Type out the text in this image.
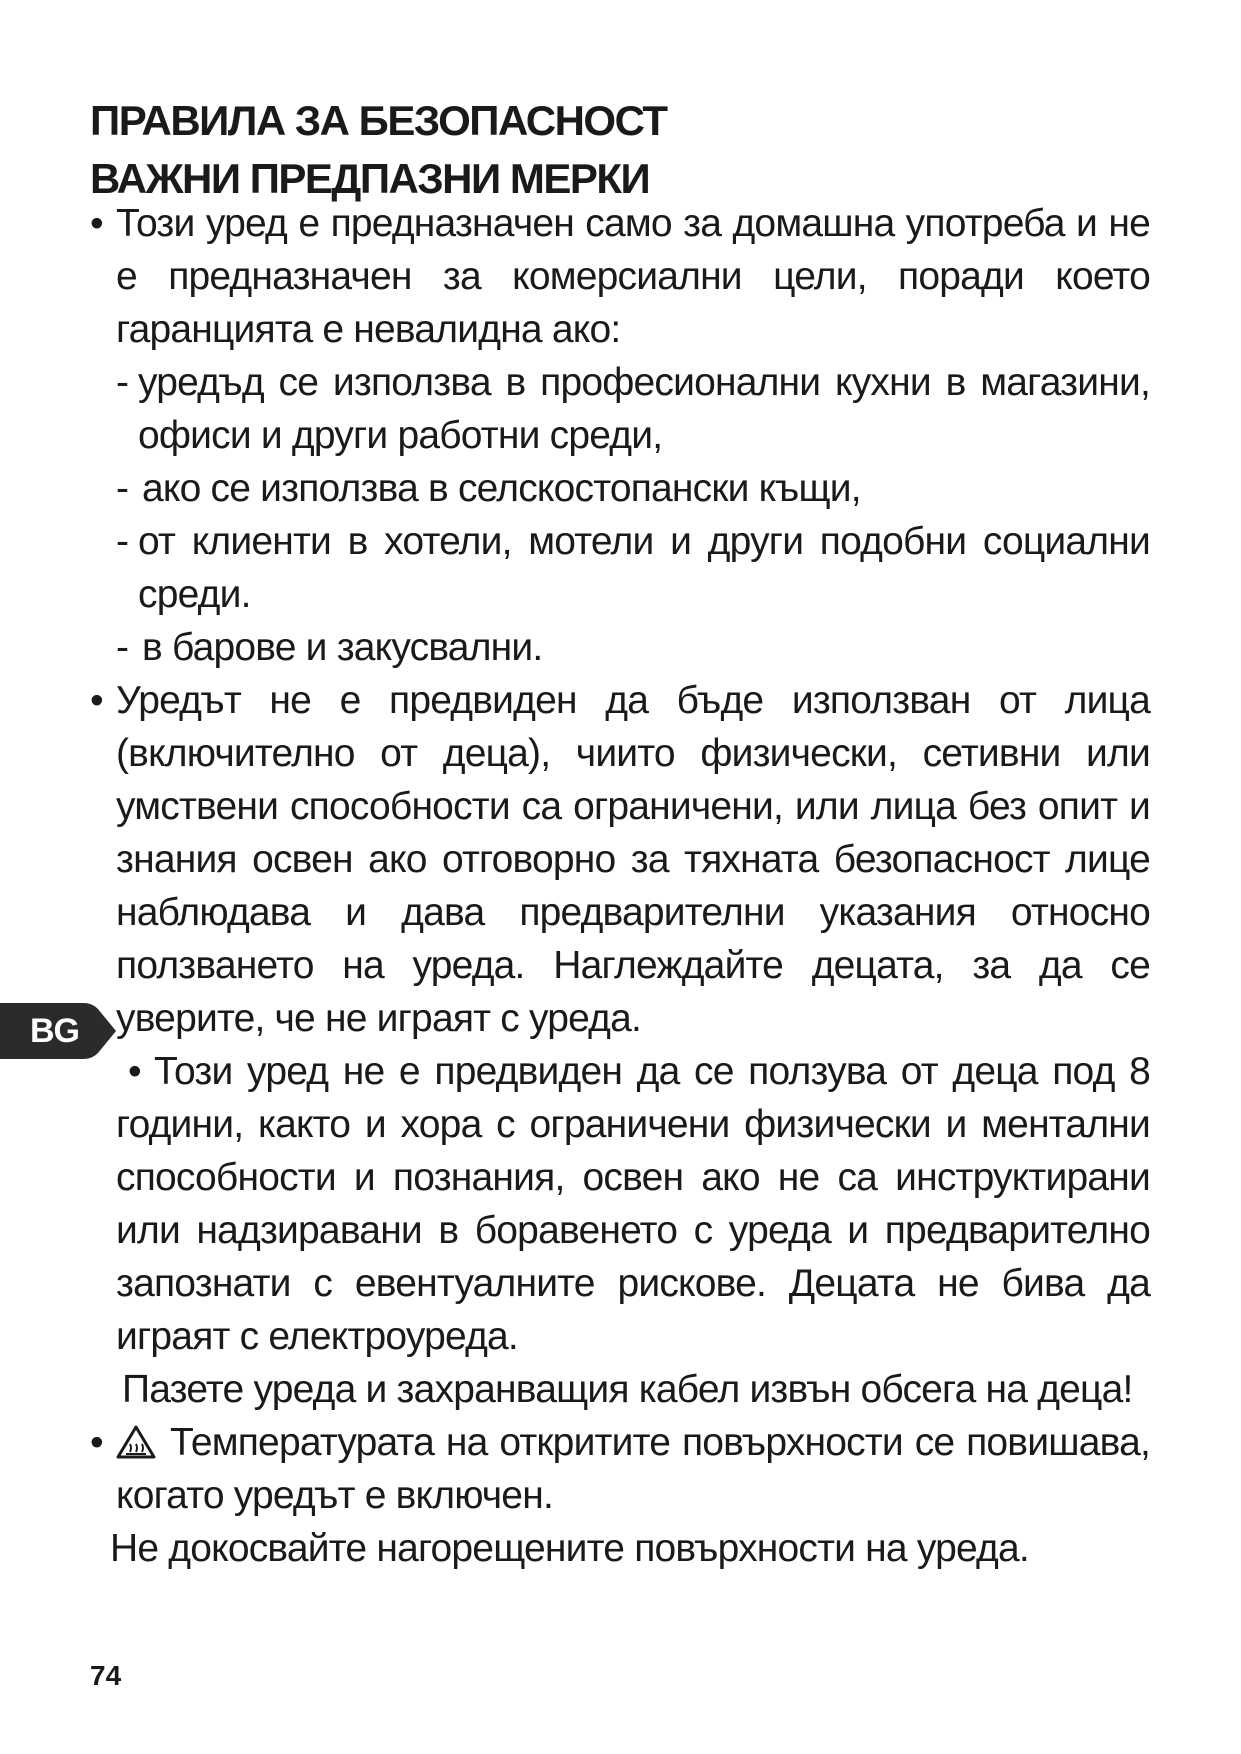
ПРАВИЛА ЗА БЕЗОПАСНОСТ
ВАЖНИ ПРЕДПАЗНИ МЕРКИ
• Този уред е предназначен само за домашна употреба и не е предназначен за комерсиални цели, поради което гаранцията е невалидна ако:
- уредъд се използва в професионални кухни в магазини, офиси и други работни среди,
- ако се използва в селскостопански къщи,
- от клиенти в хотели, мотели и други подобни социални среди.
- в барове и закусвални.
• Уредът не е предвиден да бъде използван от лица (включително от деца), чиито физически, сетивни или умствени способности са ограничени, или лица без опит и знания освен ако отговорно за тяхната безопасност лице наблюдава и дава предварителни указания относно ползването на уреда. Наглеждайте децата, за да се уверите, че не играят с уреда.
• Този уред не е предвиден да се ползува от деца под 8 години, както и хора с ограничени физически и ментални способности и познания, освен ако не са инструктирани или надзиравани в боравенето с уреда и предварително запознати с евентуалните рискове. Децата не бива да играят с електроуреда.
Пазете уреда и захранващия кабел извън обсега на деца!
• Температурата на откритите повърхности се повишава, когато уредът е включен.
Не докосвайте нагорещените повърхности на уреда.
BG
74
